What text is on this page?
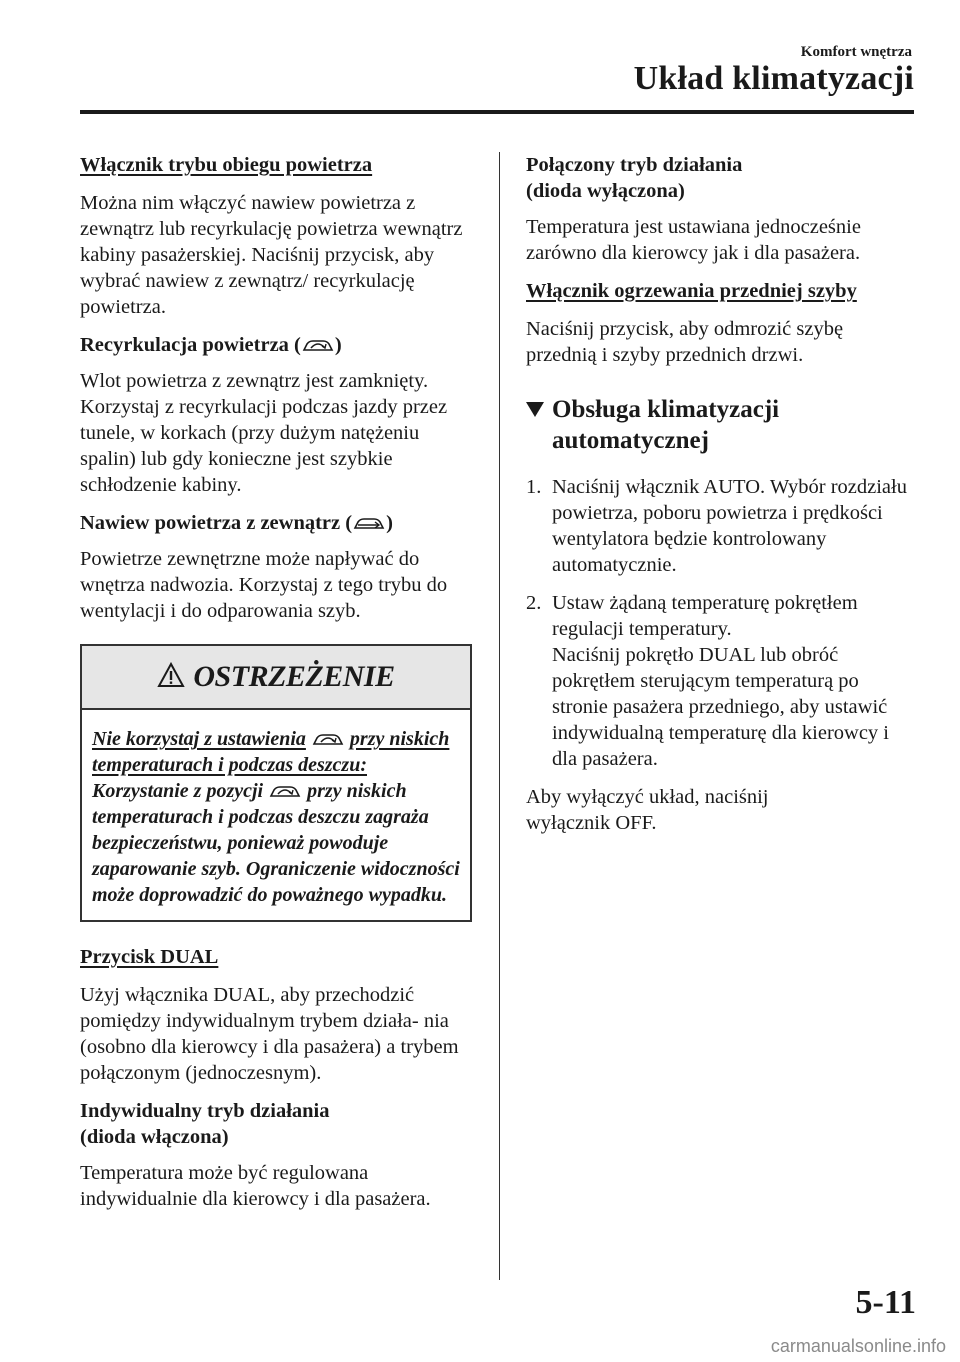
Komfort wnętrza
Układ klimatyzacji
Włącznik trybu obiegu powietrza

Można nim włączyć nawiew powietrza z zewnątrz lub recyrkulację powietrza wewnątrz kabiny pasażerskiej. Naciśnij przycisk, aby wybrać nawiew z zewnątrz/ recyrkulację powietrza.

Recyrkulacja powietrza ( )

Wlot powietrza z zewnątrz jest zamknięty. Korzystaj z recyrkulacji podczas jazdy przez tunele, w korkach (przy dużym natężeniu spalin) lub gdy konieczne jest szybkie schłodzenie kabiny.

Nawiew powietrza z zewnątrz ( )

Powietrze zewnętrzne może napływać do wnętrza nadwozia. Korzystaj z tego trybu do wentylacji i do odparowania szyb.

OSTRZEŻENIE
Nie korzystaj z ustawienia przy niskich temperaturach i podczas deszczu:
Korzystanie z pozycji przy niskich temperaturach i podczas deszczu zagraża bezpieczeństwu, ponieważ powoduje zaparowanie szyb. Ograniczenie widoczności może doprowadzić do poważnego wypadku.
Przycisk DUAL

Użyj włącznika DUAL, aby przechodzić pomiędzy indywidualnym trybem działa- nia (osobno dla kierowcy i dla pasażera) a trybem połączonym (jednoczesnym).

Indywidualny tryb działania
(dioda włączona)

Temperatura może być regulowana indywidualnie dla kierowcy i dla pasażera.

Połączony tryb działania
(dioda wyłączona)

Temperatura jest ustawiana jednocześnie zarówno dla kierowcy jak i dla pasażera.

Włącznik ogrzewania przedniej szyby

Naciśnij przycisk, aby odmrozić szybę przednią i szyby przednich drzwi.

Obsługa klimatyzacji automatycznej
1. Naciśnij włącznik AUTO. Wybór rozdziału powietrza, poboru powietrza i prędkości wentylatora będzie kontrolowany automatycznie.
2. Ustaw żądaną temperaturę pokrętłem regulacji temperatury.
Naciśnij pokrętło DUAL lub obróć pokrętłem sterującym temperaturą po stronie pasażera przedniego, aby ustawić indywidualną temperaturę dla kierowcy i dla pasażera.

Aby wyłączyć układ, naciśnij
wyłącznik OFF.

5-11
carmanualsonline.info
